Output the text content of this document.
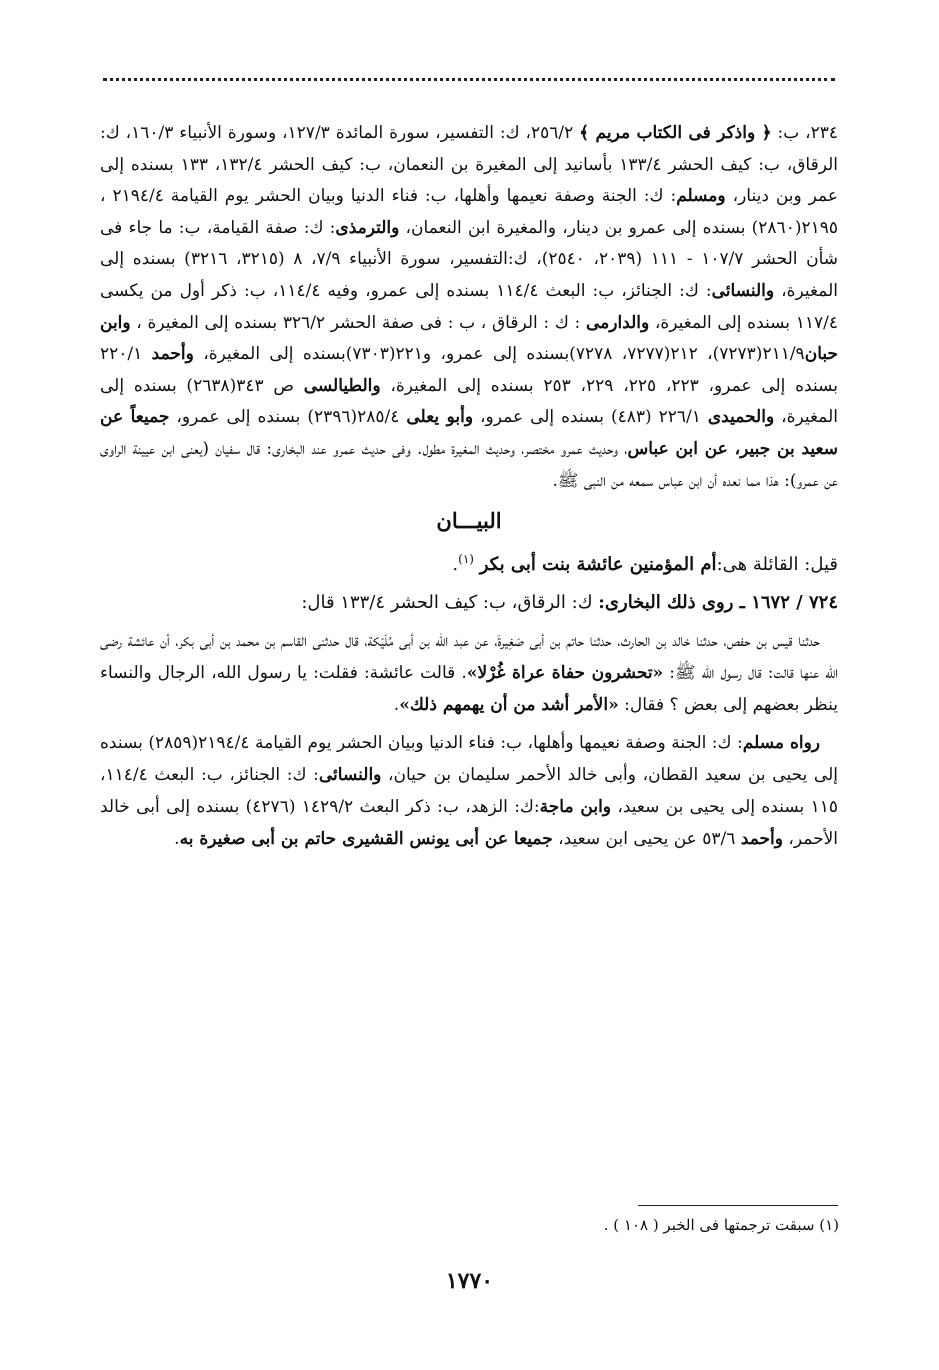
٢٣٤، ب: ﴿ واذكر فى الكتاب مريم ﴾ ٢٥٦/٢، ك: التفسير، سورة المائدة ١٢٧/٣، وسورة الأنبياء ١٦٠/٣، ك: الرقاق، ب: كيف الحشر ١٣٣/٤ بأسانيد إلى المغيرة بن النعمان، ب: كيف الحشر ١٣٢/٤، ١٣٣ بسنده إلى عمر وبن دينار، ومسلم: ك: الجنة وصفة نعيمها وأهلها، ب: فناء الدنيا وبيان الحشر يوم القيامة ٢١٩٤/٤ ، ٢١٩٥(٢٨٦٠) بسنده إلى عمرو بن دينار، والمغيرة ابن النعمان، والترمذى: ك: صفة القيامة، ب: ما جاء فى شأن الحشر ١٠٧/٧ - ١١١ (٢٠٣٩، ٢٥٤٠)، ك:التفسير، سورة الأنبياء ٧/٩، ٨ (٣٢١٥، ٣٢١٦) بسنده إلى المغيرة، والنسائى: ك: الجنائز، ب: البعث ١١٤/٤ بسنده إلى عمرو، وفيه ١١٤/٤، ب: ذكر أول من يكسى ١١٧/٤ بسنده إلى المغيرة، والدارمى : ك : الرقاق ، ب : فى صفة الحشر ٣٢٦/٢ بسنده إلى المغيرة ، وابن حبان٢١١/٩(٧٢٧٣)، ٢١٢(٧٢٧٧، ٧٢٧٨)بسنده إلى عمرو، و٢٢١(٧٣٠٣)بسنده إلى المغيرة، وأحمد ٢٢٠/١ بسنده إلى عمرو، ٢٢٣، ٢٢٥، ٢٢٩، ٢٥٣ بسنده إلى المغيرة، والطيالسى ص ٣٤٣(٢٦٣٨) بسنده إلى المغيرة، والحميدى ٢٢٦/١ (٤٨٣) بسنده إلى عمرو، وأبو يعلى ٢٨٥/٤(٢٣٩٦) بسنده إلى عمرو، جميعاً عن سعيد بن جبير، عن ابن عباس، وحديث عمرو مختصر، وحديث المغيرة مطول. وفى حديث عمرو عند البخارى: قال سفيان (يعنى ابن عيينة الراوى عن عمرو): هذا مما نعده أن ابن عباس سمعه من النبى ﷺ.

البيـــان

قيل: القائلة هى:أم المؤمنين عائشة بنت أبى بكر $^{(١)}$.

٧٢٤ / ١٦٧٢ ـ روى ذلك البخارى: ك: الرقاق، ب: كيف الحشر ١٣٣/٤ قال:

حدثنا قيس بن حفص، حدثنا خالد بن الحارث، حدثنا حاتم بن أبى صَغِيرةَ، عن عبد الله بن أبى مُلَيْكة، قال حدثنى القاسم بن محمد بن أبى بكر، أن عائشة رضى الله عنها قالت: قال رسول الله ﷺ: «تحشرون حفاة عراة غُرْلا». قالت عائشة: فقلت: يا رسول الله، الرجال والنساء ينظر بعضهم إلى بعض ؟ فقال: «الأمر أشد من أن يهمهم ذلك».

رواه مسلم: ك: الجنة وصفة نعيمها وأهلها، ب: فناء الدنيا وبيان الحشر يوم القيامة ٢١٩٤/٤(٢٨٥٩) بسنده إلى يحيى بن سعيد القطان، وأبى خالد الأحمر سليمان بن حيان، والنسائى: ك: الجنائز، ب: البعث ١١٤/٤، ١١٥ بسنده إلى يحيى بن سعيد، وابن ماجة:ك: الزهد، ب: ذكر البعث ١٤٢٩/٢ (٤٢٧٦) بسنده إلى أبى خالد الأحمر، وأحمد ٥٣/٦ عن يحيى ابن سعيد، جميعا عن أبى يونس القشيرى حاتم بن أبى صغيرة به.

(١) سبقت ترجمتها فى الخبر ( ١٠٨ ) .
١٧٧٠
